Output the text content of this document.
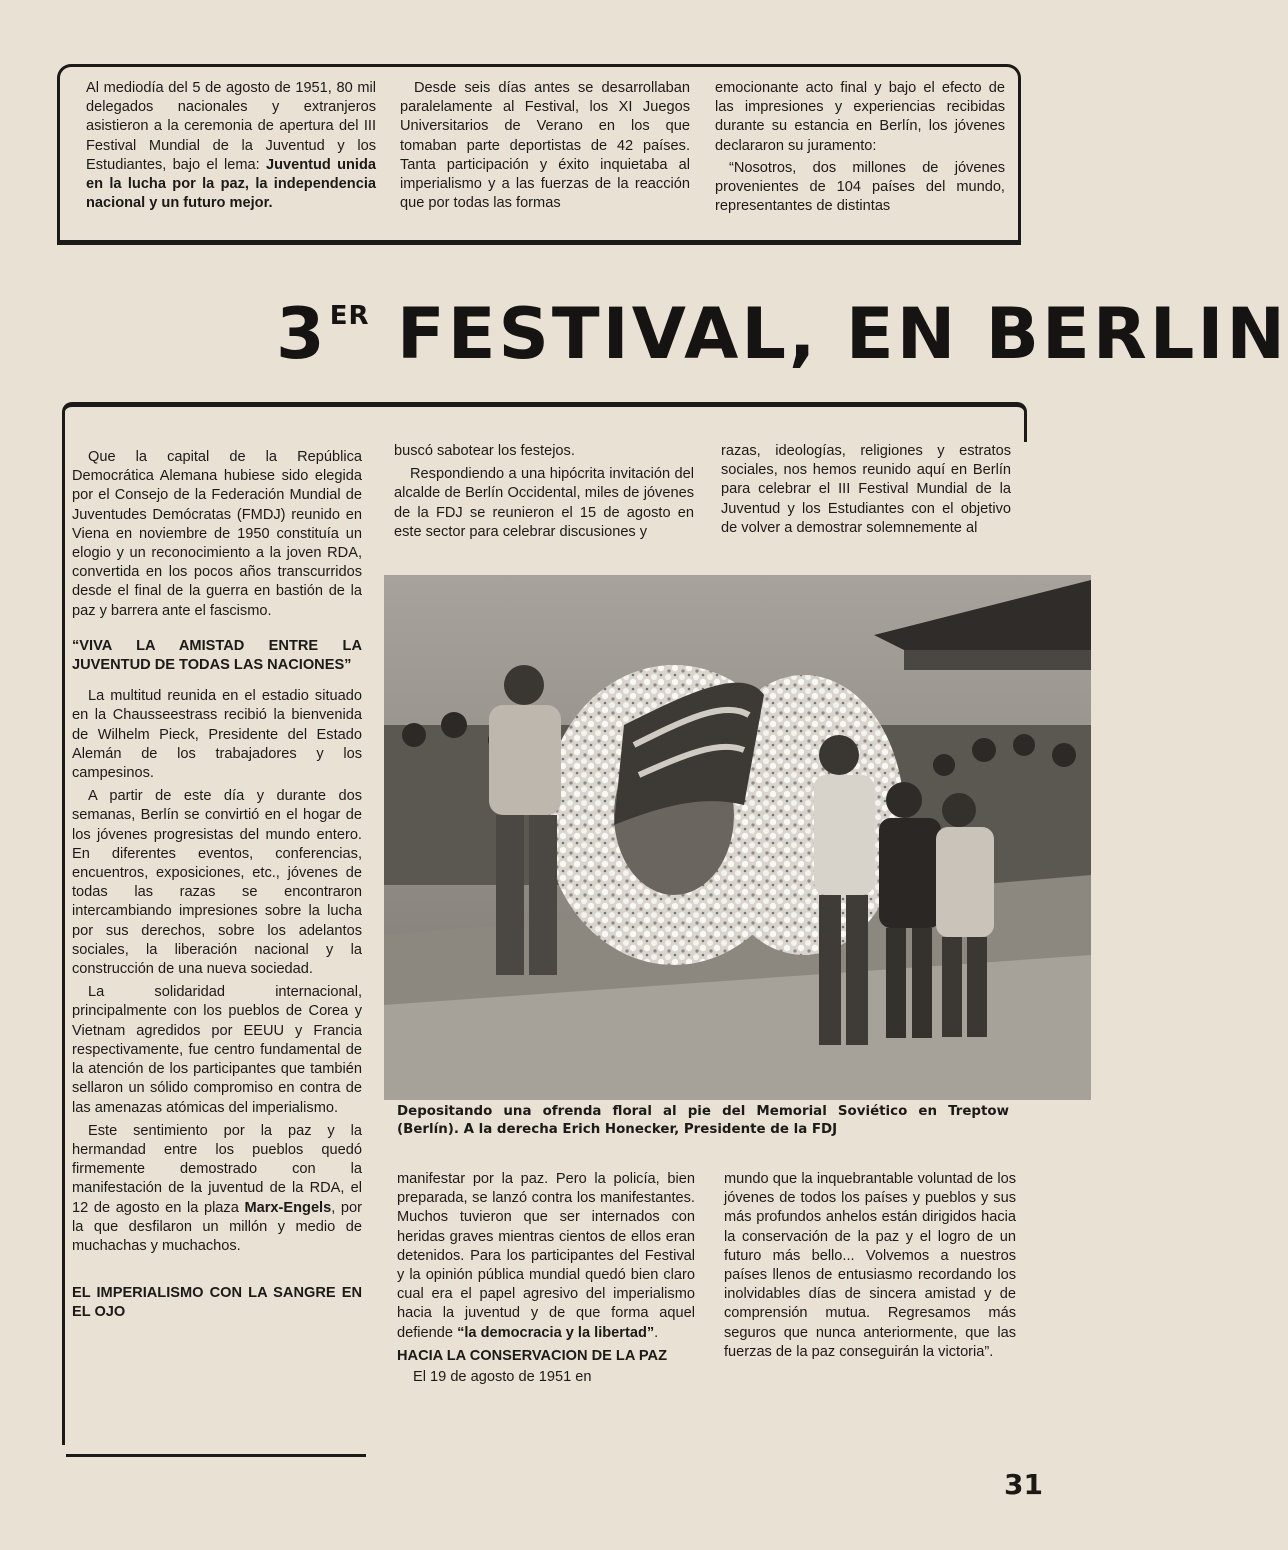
Al mediodía del 5 de agosto de 1951, 80 mil delegados nacionales y extranjeros asistieron a la ceremonia de apertura del III Festival Mundial de la Juventud y los Estudiantes, bajo el lema: Juventud unida en la lucha por la paz, la independencia nacional y un futuro mejor.
Desde seis días antes se desarrollaban paralelamente al Festival, los XI Juegos Universitarios de Verano en los que tomaban parte deportistas de 42 países. Tanta participación y éxito inquietaba al imperialismo y a las fuerzas de la reacción que por todas las formas
emocionante acto final y bajo el efecto de las impresiones y experiencias recibidas durante su estancia en Berlín, los jóvenes declararon su juramento:
“Nosotros, dos millones de jóvenes provenientes de 104 países del mundo, representantes de distintas
3ER FESTIVAL, EN BERLIN

Que la capital de la República Democrática Alemana hubiese sido elegida por el Consejo de la Federación Mundial de Juventudes Demócratas (FMDJ) reunido en Viena en noviembre de 1950 constituía un elogio y un reconocimiento a la joven RDA, convertida en los pocos años transcurridos desde el final de la guerra en bastión de la paz y barrera ante el fascismo.

“VIVA LA AMISTAD ENTRE LA JUVENTUD DE TODAS LAS NACIONES”

La multitud reunida en el estadio situado en la Chausseestrass recibió la bienvenida de Wilhelm Pieck, Presidente del Estado Alemán de los trabajadores y los campesinos.

A partir de este día y durante dos semanas, Berlín se convirtió en el hogar de los jóvenes progresistas del mundo entero. En diferentes eventos, conferencias, encuentros, exposiciones, etc., jóvenes de todas las razas se encontraron intercambiando impresiones sobre la lucha por sus derechos, sobre los adelantos sociales, la liberación nacional y la construcción de una nueva sociedad.

La solidaridad internacional, principalmente con los pueblos de Corea y Vietnam agredidos por EEUU y Francia respectivamente, fue centro fundamental de la atención de los participantes que también sellaron un sólido compromiso en contra de las amenazas atómicas del imperialismo.

Este sentimiento por la paz y la hermandad entre los pueblos quedó firmemente demostrado con la manifestación de la juventud de la RDA, el 12 de agosto en la plaza Marx-Engels, por la que desfilaron un millón y medio de muchachas y muchachos.

EL IMPERIALISMO CON LA SANGRE EN EL OJO

buscó sabotear los festejos.

Respondiendo a una hipócrita invitación del alcalde de Berlín Occidental, miles de jóvenes de la FDJ se reunieron el 15 de agosto en este sector para celebrar discusiones y

razas, ideologías, religiones y estratos sociales, nos hemos reunido aquí en Berlín para celebrar el III Festival Mundial de la Juventud y los Estudiantes con el objetivo de volver a demostrar solemnemente al

Depositando una ofrenda floral al pie del Memorial Soviético en Treptow (Berlín). A la derecha Erich Honecker, Presidente de la FDJ

manifestar por la paz. Pero la policía, bien preparada, se lanzó contra los manifestantes. Muchos tuvieron que ser internados con heridas graves mientras cientos de ellos eran detenidos. Para los participantes del Festival y la opinión pública mundial quedó bien claro cual era el papel agresivo del imperialismo hacia la juventud y de que forma aquel defiende “la democracia y la libertad”.

HACIA LA CONSERVACION DE LA PAZ

El 19 de agosto de 1951 en

mundo que la inquebrantable voluntad de los jóvenes de todos los países y pueblos y sus más profundos anhelos están dirigidos hacia la conservación de la paz y el logro de un futuro más bello... Volvemos a nuestros países llenos de entusiasmo recordando los inolvidables días de sincera amistad y de comprensión mutua. Regresamos más seguros que nunca anteriormente, que las fuerzas de la paz conseguirán la victoria”.

31
